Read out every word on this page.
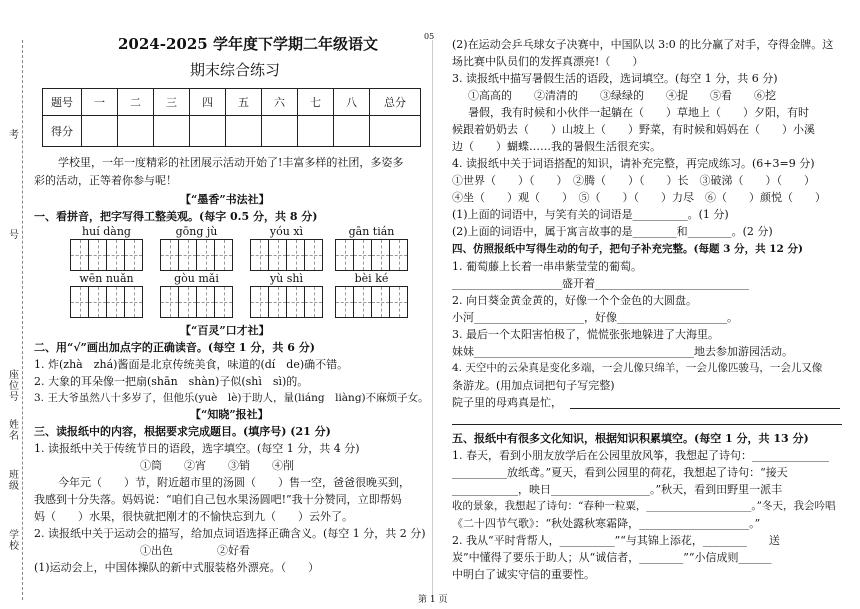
考
号
座位号
姓名
班级
学校
05
2024-2025 学年度下学期二年级语文
期末综合练习
题号	一	二	三	四	五	六	七	八	总分
得分									
学校里，一年一度精彩的社团展示活动开始了!丰富多样的社团，多姿多
彩的活动，正等着你参与呢！
【“墨香”书法社】
一、看拼音，把字写得工整美观。(每字 0.5 分，共 8 分)
huí dàng	gōng jù	yóu xì	gān tián
wēn nuǎn	gòu mǎi	yù shì	bèi ké
【“百灵”口才社】
二、用“√”画出加点字的正确读音。(每空 1 分，共 6 分)
1. 炸(zhà　zhá)酱面是北京传统美食，味道的(dí　de)确不错。
2. 大象的耳朵像一把扇(shān　shàn)子似(shì　sì)的。
3. 王大爷虽然八十多岁了，但他乐(yuè　lè)于助人，量(liáng　liàng)不麻烦子女。
【“知晓”报社】
三、读报纸中的内容，根据要求完成题目。(填序号) (21 分)
1. 读报纸中关于传统节日的语段，选字填空。(每空 1 分，共 4 分)
①筒　　②宵　　③销　　④削
今年元（　　）节，附近超市里的汤圆（　　）售一空，爸爸很晚买到，
我感到十分失落。妈妈说：“咱们自己包水果汤圆吧!”我十分赞同，立即帮妈
妈（　　）水果，很快就把刚才的不愉快忘到九（　　）云外了。
2. 读报纸中关于运动会的描写，给加点词语选择正确含义。(每空 1 分，共 2 分)
①出色　　　　②好看
(1)运动会上，中国体操队的新中式服装格外漂亮。（　　）
(2)在运动会乒乓球女子决赛中，中国队以 3:0 的比分赢了对手，夺得金牌。这
场比赛中队员们的发挥真漂亮!（　　）
3. 读报纸中描写暑假生活的语段，选词填空。(每空 1 分，共 6 分)
①高高的　　②清清的　　③绿绿的　　④捉　　⑤看　　⑥挖
暑假，我有时候和小伙伴一起躺在（　　）草地上（　　）夕阳，有时
候跟着奶奶去（　　）山坡上（　　）野菜，有时候和妈妈在（　　）小溪
边（　　）蝴蝶……我的暑假生活很充实。
4. 读报纸中关于词语搭配的知识，请补充完整，再完成练习。(6+3=9 分)
①世界（　　）（　　）　②腾（　　）（　　）长　③破涕（　　）（　　）
④坐（　　）观（　　）　⑤（　　）（　　）力尽　⑥（　　）颜悦（　　）
(1)上面的词语中，与笑有关的词语是__________。(1 分)
(2)上面的词语中，属于寓言故事的是________和________。(2 分)
四、仿照报纸中写得生动的句子，把句子补充完整。(每题 3 分，共 12 分)
1. 葡萄藤上长着一串串紫莹莹的葡萄。
____________________盛开着____________________________
2. 向日葵金黄金黄的，好像一个个金色的大圆盘。
小河____________________，好像____________________。
3. 最后一个太阳害怕极了，慌慌张张地躲进了大海里。
妹妹________________________________________地去参加游园活动。
4. 天空中的云朵真是变化多端，一会儿像只绵羊，一会儿像匹骏马，一会儿又像
条游龙。(用加点词把句子写完整)
院子里的母鸡真是忙，
五、报纸中有很多文化知识，根据知识积累填空。(每空 1 分，共 13 分)
1. 春天，看到小朋友放学后在公园里放风筝，我想起了诗句：______________
__________放纸鸢。”夏天，看到公园里的荷花，我想起了诗句：“接天
____________，映日__________________。”秋天，看到田野里一派丰
收的景象，我想起了诗句：“春种一粒粟，____________________。”冬天，我会吟唱
《二十四节气歌》：“秋处露秋寒霜降，____________________。”
2. 我从“平时背帮人，__________”“与其锦上添花，________　　送
炭”中懂得了要乐于助人；从“诚信者，________”“小信成则______
中明白了诚实守信的重要性。
第 1 页
